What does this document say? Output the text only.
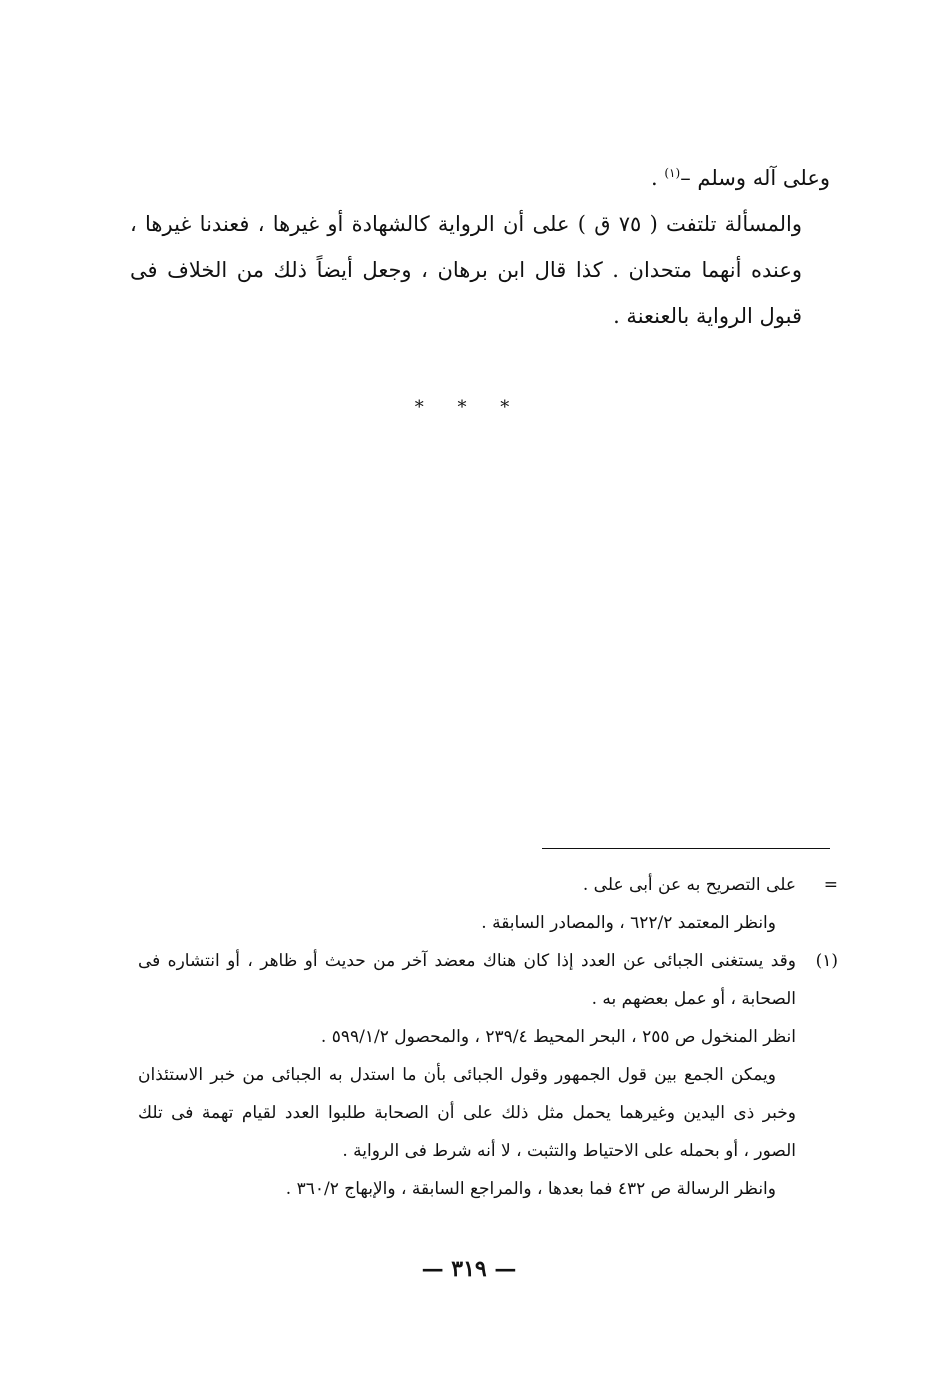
وعلى آله وسلم –$^{(١)}$ .

والمسألة تلتفت ( ٧٥ ق ) على أن الرواية كالشهادة أو غيرها ، فعندنا غيرها ، وعنده أنهما متحدان . كذا قال ابن برهان ، وجعل أيضاً ذلك من الخلاف فى قبول الرواية بالعنعنة .

* * *
=
على التصريح به عن أبى على .

وانظر المعتمد ٦٢٢/٢ ، والمصادر السابقة .

(١)
وقد يستغنى الجبائى عن العدد إذا كان هناك معضد آخر من حديث أو ظاهر ، أو انتشاره فى الصحابة ، أو عمل بعضهم به .

انظر المنخول ص ٢٥٥ ، البحر المحيط ٢٣٩/٤ ، والمحصول ٥٩٩/١/٢ .

ويمكن الجمع بين قول الجمهور وقول الجبائى بأن ما استدل به الجبائى من خبر الاستئذان وخبر ذى اليدين وغيرهما يحمل مثل ذلك على أن الصحابة طلبوا العدد لقيام تهمة فى تلك الصور ، أو بحمله على الاحتياط والتثبت ، لا أنه شرط فى الرواية .

وانظر الرسالة ص ٤٣٢ فما بعدها ، والمراجع السابقة ، والإبهاج ٣٦٠/٢ .

— ٣١٩ —
